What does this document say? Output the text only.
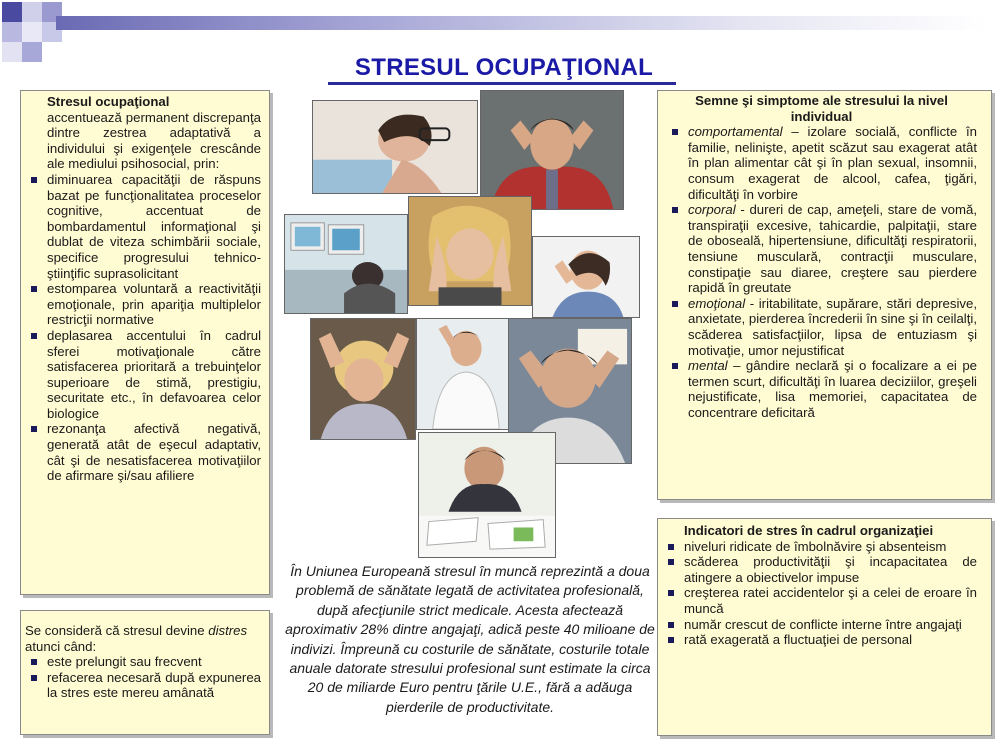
STRESUL OCUPAŢIONAL

Stresul ocupaţional

accentuează permanent discrepanţa dintre zestrea adaptativă a individului şi exigenţele crescânde ale mediului psihosocial, prin:

diminuarea capacităţii de răspuns bazat pe funcţionalitatea proceselor cognitive, accentuat de bombardamentul informaţional şi dublat de viteza schimbării sociale, specifice progresului tehnico-ştiinţific suprasolicitant
estomparea voluntară a reactivităţii emoţionale, prin apariţia multiplelor restricţii normative
deplasarea accentului în cadrul sferei motivaţionale către satisfacerea prioritară a trebuinţelor superioare de stimă, prestigiu, securitate etc., în defavoarea celor biologice
rezonanţa afectivă negativă, generată atât de eşecul adaptativ, cât şi de nesatisfacerea motivaţiilor de afirmare şi/sau afiliere

Se consideră că stresul devine distres atunci când:

este prelungit sau frecvent
refacerea necesară după expunerea la stres este mereu amânată
În Uniunea Europeană stresul în muncă reprezintă a doua problemă de sănătate legată de activitatea profesională, după afecţiunile strict medicale. Acesta afectează aproximativ 28% dintre angajaţi, adică peste 40 milioane de indivizi. Împreună cu costurile de sănătate, costurile totale anuale datorate stresului profesional sunt estimate la circa 20 de miliarde Euro pentru ţările U.E., fără a adăuga pierderile de productivitate.

Semne şi simptome ale stresului la nivel individual

comportamental – izolare socială, conflicte în familie, nelinişte, apetit scăzut sau exagerat atât în plan alimentar cât şi în plan sexual, insomnii, consum exagerat de alcool, cafea, ţigări, dificultăţi în vorbire
corporal - dureri de cap, ameţeli, stare de vomă, transpiraţii excesive, tahicardie, palpitaţii, stare de oboseală, hipertensiune, dificultăţi respiratorii, tensiune musculară, contracţii musculare, constipaţie sau diaree, creştere sau pierdere rapidă în greutate
emoţional - iritabilitate, supărare, stări depresive, anxietate, pierderea încrederii în sine şi în ceilalţi, scăderea satisfacţiilor, lipsa de entuziasm şi motivaţie, umor nejustificat
mental – gândire neclară şi o focalizare a ei pe termen scurt, dificultăţi în luarea deciziilor, greşeli nejustificate, lisa memoriei, capacitatea de concentrare deficitară

Indicatori de stres în cadrul organizaţiei

niveluri ridicate de îmbolnăvire şi absenteism
scăderea productivităţii şi incapacitatea de atingere a obiectivelor impuse
creşterea ratei accidentelor şi a celei de eroare în muncă
număr crescut de conflicte interne între angajaţi
rată exagerată a fluctuaţiei de personal
